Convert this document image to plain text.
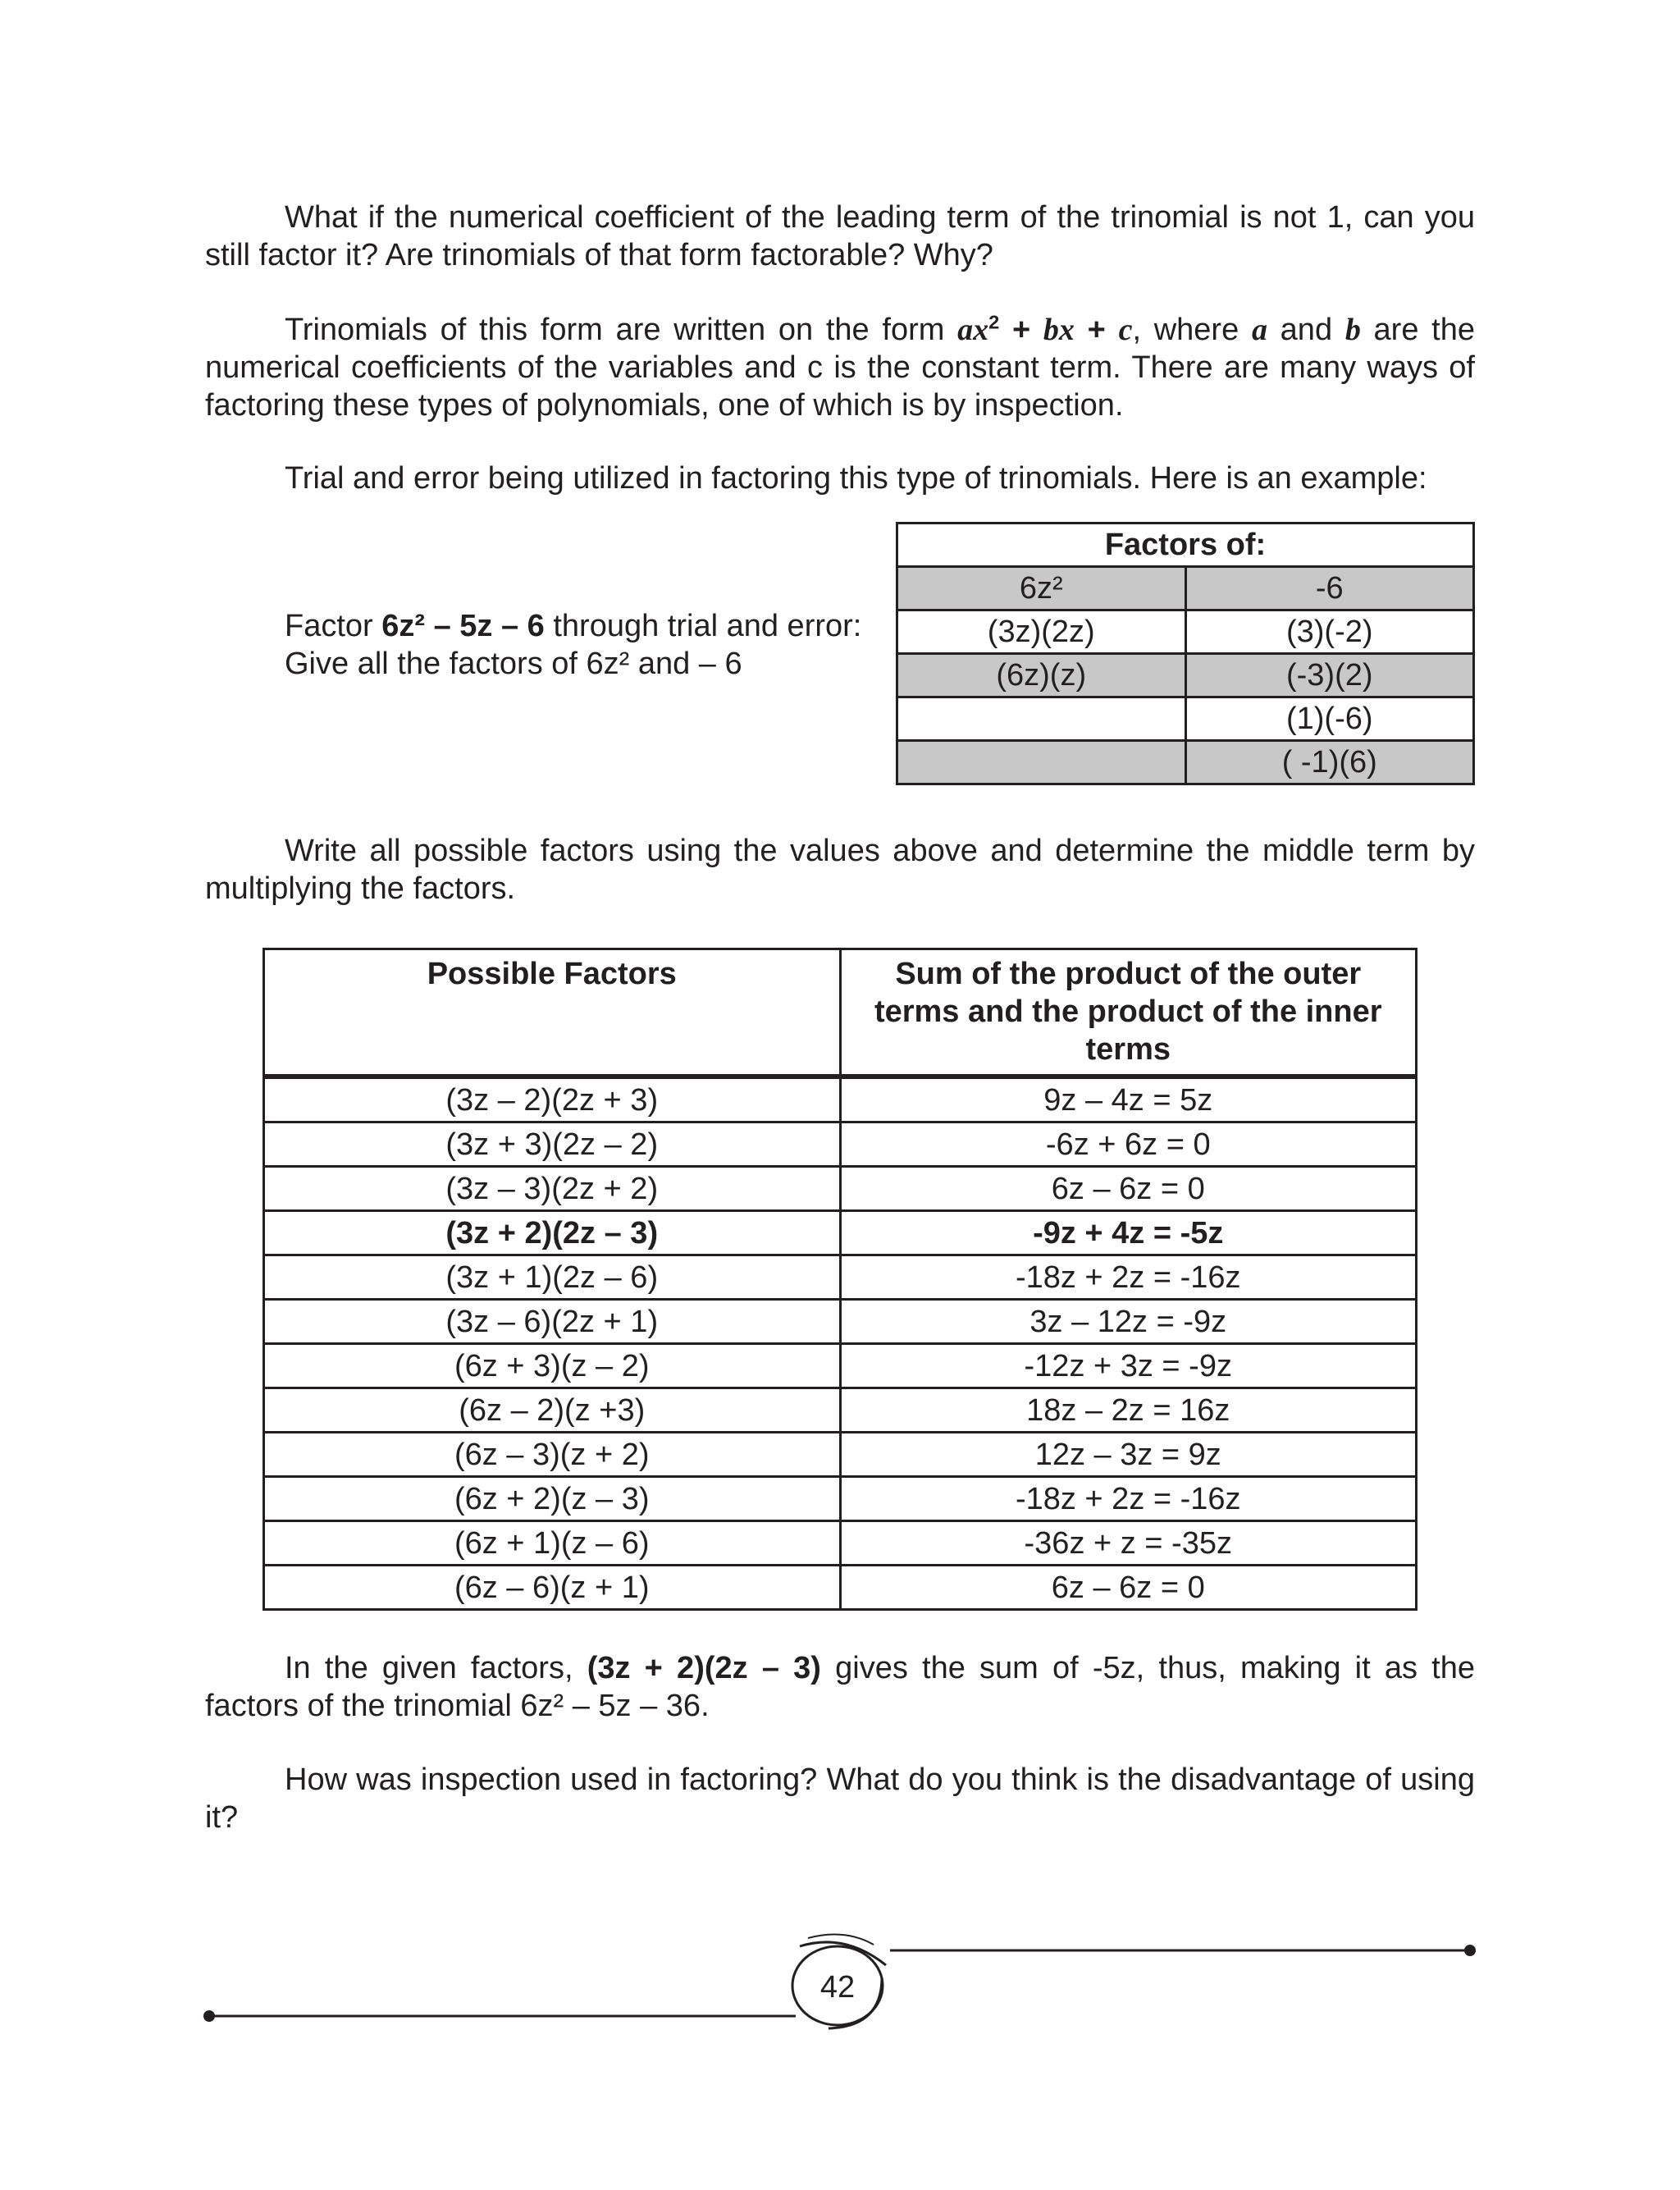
What if the numerical coefficient of the leading term of the trinomial is not 1, can you still factor it? Are trinomials of that form factorable? Why?
Trinomials of this form are written on the form $ax^2$ + bx + c, where a and b are the numerical coefficients of the variables and c is the constant term. There are many ways of factoring these types of polynomials, one of which is by inspection.
Trial and error being utilized in factoring this type of trinomials. Here is an example:
Factor 6z² – 5z – 6 through trial and error:
Give all the factors of 6z² and – 6
Factors of:	
6z²	-6
(3z)(2z)	(3)(-2)
(6z)(z)	(-3)(2)
	(1)(-6)
	( -1)(6)
Write all possible factors using the values above and determine the middle term by multiplying the factors.
Possible Factors	Sum of the product of the outer terms and the product of the inner terms
(3z – 2)(2z + 3)	9z – 4z = 5z
(3z + 3)(2z – 2)	-6z + 6z = 0
(3z – 3)(2z + 2)	6z – 6z = 0
(3z + 2)(2z – 3)	-9z + 4z = -5z
(3z + 1)(2z – 6)	-18z + 2z = -16z
(3z – 6)(2z + 1)	3z – 12z = -9z
(6z + 3)(z – 2)	-12z + 3z = -9z
(6z – 2)(z +3)	18z – 2z = 16z
(6z – 3)(z + 2)	12z – 3z = 9z
(6z + 2)(z – 3)	-18z + 2z = -16z
(6z + 1)(z – 6)	-36z + z = -35z
(6z – 6)(z + 1)	6z – 6z = 0
In the given factors, (3z + 2)(2z – 3) gives the sum of -5z, thus, making it as the factors of the trinomial 6z² – 5z – 36.
How was inspection used in factoring? What do you think is the disadvantage of using it?
42
